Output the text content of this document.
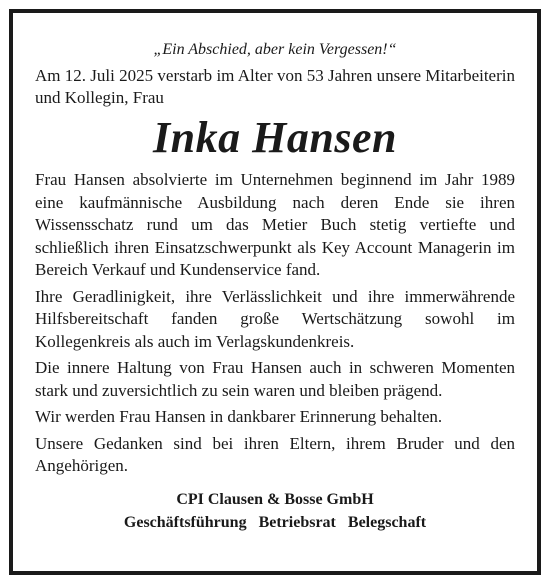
„Ein Abschied, aber kein Vergessen!“

Am 12. Juli 2025 verstarb im Alter von 53 Jahren unsere Mitarbeiterin und Kollegin, Frau

Inka Hansen

Frau Hansen absolvierte im Unternehmen beginnend im Jahr 1989 eine kaufmännische Ausbildung nach deren Ende sie ihren Wissensschatz rund um das Metier Buch stetig vertiefte und schließlich ihren Einsatzschwerpunkt als Key Account Managerin im Bereich Verkauf und Kundenservice fand.

Ihre Geradlinigkeit, ihre Verlässlichkeit und ihre immerwährende Hilfsbereitschaft fanden große Wertschätzung sowohl im Kollegenkreis als auch im Verlagskundenkreis.

Die innere Haltung von Frau Hansen auch in schweren Momenten stark und zuversichtlich zu sein waren und bleiben prägend.

Wir werden Frau Hansen in dankbarer Erinnerung behalten.

Unsere Gedanken sind bei ihren Eltern, ihrem Bruder und den Angehörigen.

CPI Clausen & Bosse GmbH
Geschäftsführung Betriebsrat Belegschaft
